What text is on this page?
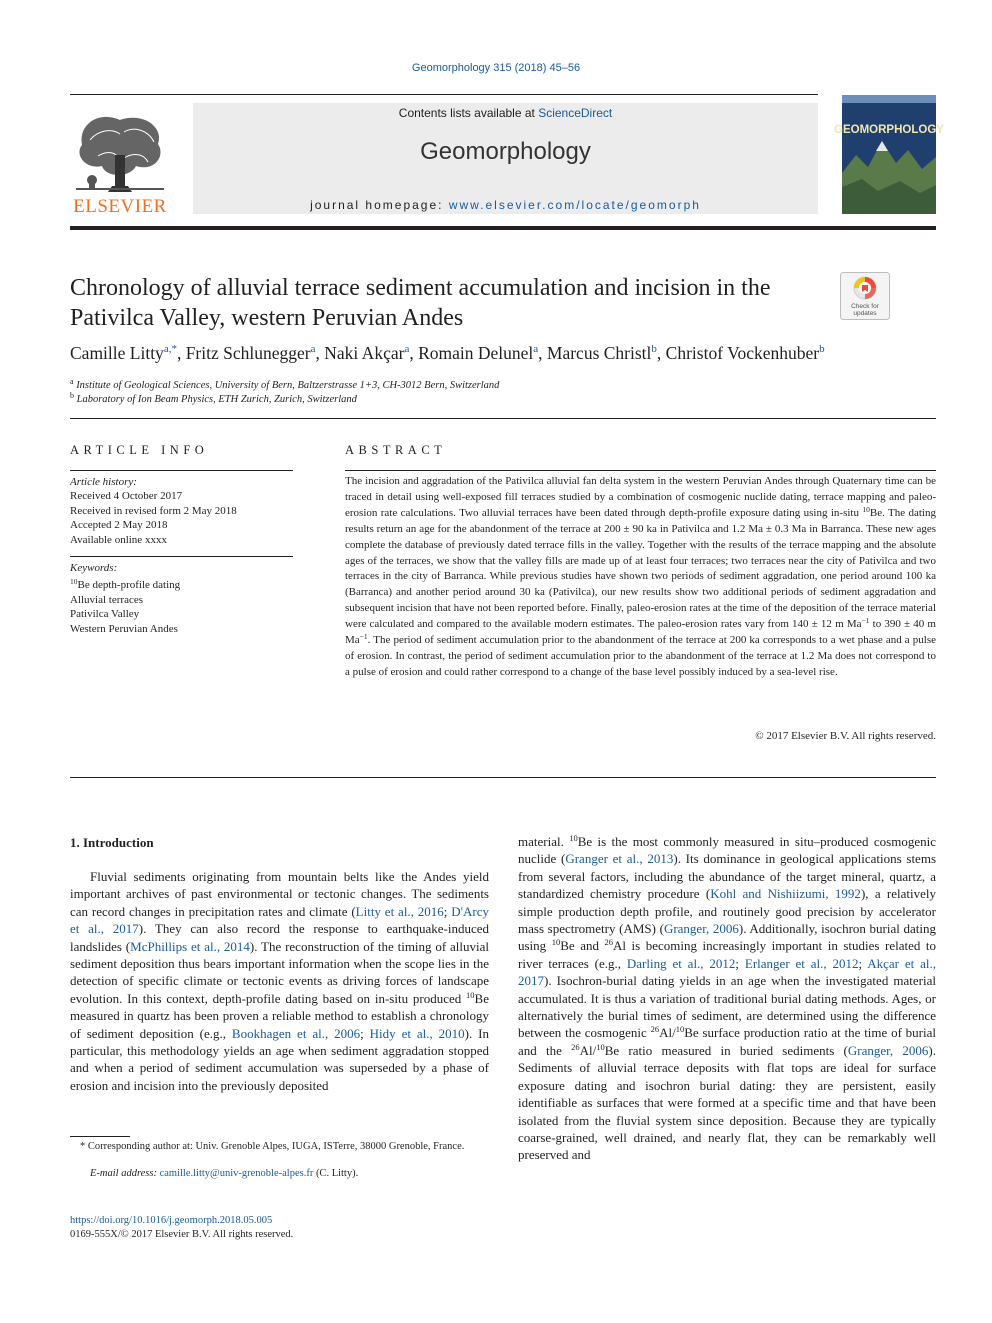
Geomorphology 315 (2018) 45–56
ELSEVIER
Contents lists available at ScienceDirect
Geomorphology
journal homepage: www.elsevier.com/locate/geomorph
GEOMORPHOLOGY
Chronology of alluvial terrace sediment accumulation and incision in the
Pativilca Valley, western Peruvian Andes	Check for
updates
Camille Litty$^{a,*}$, Fritz Schlunegger$^a$, Naki Akçar$^a$, Romain Delunel$^a$, Marcus Christl$^b$, Christof Vockenhuber$^b$
$^a$ Institute of Geological Sciences, University of Bern, Baltzerstrasse 1+3, CH-3012 Bern, Switzerland
$^b$ Laboratory of Ion Beam Physics, ETH Zurich, Zurich, Switzerland
ARTICLE INFO
Article history:
Received 4 October 2017
Received in revised form 2 May 2018
Accepted 2 May 2018
Available online xxxx
Keywords:
$^{10}$Be depth-profile dating
Alluvial terraces
Pativilca Valley
Western Peruvian Andes
ABSTRACT
The incision and aggradation of the Pativilca alluvial fan delta system in the western Peruvian Andes through Quaternary time can be traced in detail using well-exposed fill terraces studied by a combination of cosmogenic nuclide dating, terrace mapping and paleo-erosion rate calculations. Two alluvial terraces have been dated through depth-profile exposure dating using in-situ $^{10}$Be. The dating results return an age for the abandonment of the terrace at 200 ± 90 ka in Pativilca and 1.2 Ma ± 0.3 Ma in Barranca. These new ages complete the database of previously dated terrace fills in the valley. Together with the results of the terrace mapping and the absolute ages of the terraces, we show that the valley fills are made up of at least four terraces; two terraces near the city of Pativilca and two terraces in the city of Barranca. While previous studies have shown two periods of sediment aggradation, one period around 100 ka (Barranca) and another period around 30 ka (Pativilca), our new results show two additional periods of sediment aggradation and subsequent incision that have not been reported before. Finally, paleo-erosion rates at the time of the deposition of the terrace material were calculated and compared to the available modern estimates. The paleo-erosion rates vary from 140 ± 12 m $Ma^{-1}$ to 390 ± 40 m $Ma^{-1}$. The period of sediment accumulation prior to the abandonment of the terrace at 200 ka corresponds to a wet phase and a pulse of erosion. In contrast, the period of sediment accumulation prior to the abandonment of the terrace at 1.2 Ma does not correspond to a pulse of erosion and could rather correspond to a change of the base level possibly induced by a sea-level rise.
© 2017 Elsevier B.V. All rights reserved.
1. Introduction
Fluvial sediments originating from mountain belts like the Andes yield important archives of past environmental or tectonic changes. The sediments can record changes in precipitation rates and climate (Litty et al., 2016; D'Arcy et al., 2017). They can also record the response to earthquake-induced landslides (McPhillips et al., 2014). The reconstruction of the timing of alluvial sediment deposition thus bears important information when the scope lies in the detection of specific climate or tectonic events as driving forces of landscape evolution. In this context, depth-profile dating based on in-situ produced $^{10}$Be measured in quartz has been proven a reliable method to establish a chronology of sediment deposition (e.g., Bookhagen et al., 2006; Hidy et al., 2010). In particular, this methodology yields an age when sediment aggradation stopped and when a period of sediment accumulation was superseded by a phase of erosion and incision into the previously deposited
material. $^{10}$Be is the most commonly measured in situ–produced cosmogenic nuclide (Granger et al., 2013). Its dominance in geological applications stems from several factors, including the abundance of the target mineral, quartz, a standardized chemistry procedure (Kohl and Nishiizumi, 1992), a relatively simple production depth profile, and routinely good precision by accelerator mass spectrometry (AMS) (Granger, 2006). Additionally, isochron burial dating using $^{10}$Be and $^{26}$Al is becoming increasingly important in studies related to river terraces (e.g., Darling et al., 2012; Erlanger et al., 2012; Akçar et al., 2017). Isochron-burial dating yields in an age when the investigated material accumulated. It is thus a variation of traditional burial dating methods. Ages, or alternatively the burial times of sediment, are determined using the difference between the cosmogenic $^{26}$Al/$^{10}$Be surface production ratio at the time of burial and the $^{26}$Al/$^{10}$Be ratio measured in buried sediments (Granger, 2006). Sediments of alluvial terrace deposits with flat tops are ideal for surface exposure dating and isochron burial dating: they are persistent, easily identifiable as surfaces that were formed at a specific time and that have been isolated from the fluvial system since deposition. Because they are typically coarse-grained, well drained, and nearly flat, they can be remarkably well preserved and
* Corresponding author at: Univ. Grenoble Alpes, IUGA, ISTerre, 38000 Grenoble, France.
E-mail address: camille.litty@univ-grenoble-alpes.fr (C. Litty).
https://doi.org/10.1016/j.geomorph.2018.05.005
0169-555X/© 2017 Elsevier B.V. All rights reserved.
